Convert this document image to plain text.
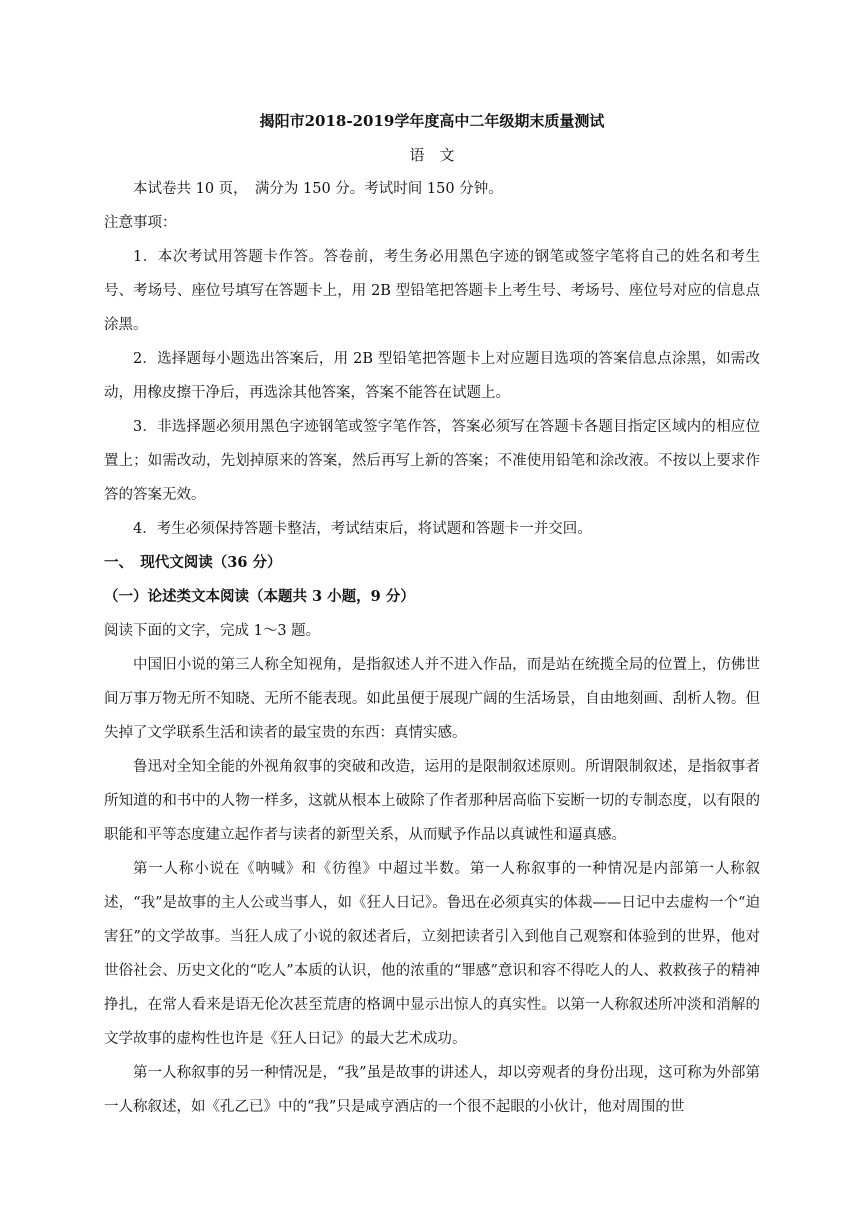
揭阳市2018-2019学年度高中二年级期末质量测试

语　文

本试卷共 10 页，　满分为 150 分。考试时间 150 分钟。

注意事项：

1．本次考试用答题卡作答。答卷前，考生务必用黑色字迹的钢笔或签字笔将自己的姓名和考生号、考场号、座位号填写在答题卡上，用 2B 型铅笔把答题卡上考生号、考场号、座位号对应的信息点涂黑。

2．选择题每小题选出答案后，用 2B 型铅笔把答题卡上对应题目选项的答案信息点涂黑，如需改动，用橡皮擦干净后，再选涂其他答案，答案不能答在试题上。

3．非选择题必须用黑色字迹钢笔或签字笔作答，答案必须写在答题卡各题目指定区域内的相应位置上；如需改动，先划掉原来的答案，然后再写上新的答案；不准使用铅笔和涂改液。不按以上要求作答的答案无效。

4．考生必须保持答题卡整洁，考试结束后，将试题和答题卡一并交回。

一、　现代文阅读（36 分）

（一）论述类文本阅读（本题共 3 小题，9 分）

阅读下面的文字，完成 1～3 题。

中国旧小说的第三人称全知视角，是指叙述人并不进入作品，而是站在统揽全局的位置上，仿佛世间万事万物无所不知晓、无所不能表现。如此虽便于展现广阔的生活场景，自由地刻画、刮析人物。但失掉了文学联系生活和读者的最宝贵的东西：真情实感。

鲁迅对全知全能的外视角叙事的突破和改造，运用的是限制叙述原则。所谓限制叙述，是指叙事者所知道的和书中的人物一样多，这就从根本上破除了作者那种居高临下妄断一切的专制态度，以有限的职能和平等态度建立起作者与读者的新型关系，从而赋予作品以真诚性和逼真感。

第一人称小说在《呐喊》和《彷徨》中超过半数。第一人称叙事的一种情况是内部第一人称叙述，“我”是故事的主人公或当事人，如《狂人日记》。鲁迅在必须真实的体裁——日记中去虚构一个“迫害狂”的文学故事。当狂人成了小说的叙述者后，立刻把读者引入到他自己观察和体验到的世界，他对世俗社会、历史文化的“吃人”本质的认识，他的浓重的“罪感”意识和容不得吃人的人、救救孩子的精神挣扎，在常人看来是语无伦次甚至荒唐的格调中显示出惊人的真实性。以第一人称叙述所冲淡和消解的文学故事的虚构性也许是《狂人日记》的最大艺术成功。

第一人称叙事的另一种情况是，“我”虽是故事的讲述人，却以旁观者的身份出现，这可称为外部第一人称叙述，如《孔乙已》中的“我”只是咸亨酒店的一个很不起眼的小伙计，他对周围的世
